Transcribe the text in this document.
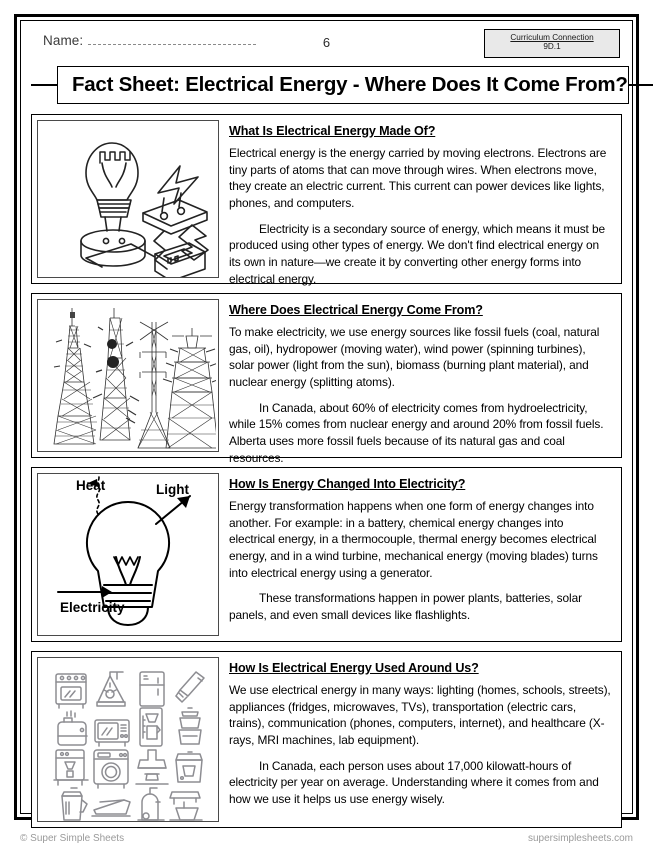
Name:	6	Curriculum Connection
9D.1
Fact Sheet: Electrical Energy - Where Does It Come From?
What Is Electrical Energy Made Of?

Electrical energy is the energy carried by moving electrons. Electrons are tiny parts of atoms that can move through wires. When electrons move, they create an electric current. This current can power devices like lights, phones, and computers.

Electricity is a secondary source of energy, which means it must be produced using other types of energy. We don't find electrical energy on its own in nature—we create it by converting other energy forms into electrical energy.

Where Does Electrical Energy Come From?

To make electricity, we use energy sources like fossil fuels (coal, natural gas, oil), hydropower (moving water), wind power (spinning turbines), solar power (light from the sun), biomass (burning plant material), and nuclear energy (splitting atoms).

In Canada, about 60% of electricity comes from hydroelectricity, while 15% comes from nuclear energy and around 20% from fossil fuels. Alberta uses more fossil fuels because of its natural gas and coal resources.

Heat	Light
Electricity
How Is Energy Changed Into Electricity?

Energy transformation happens when one form of energy changes into another. For example: in a battery, chemical energy changes into electrical energy, in a thermocouple, thermal energy becomes electrical energy, and in a wind turbine, mechanical energy (moving blades) turns into electrical energy using a generator.

These transformations happen in power plants, batteries, solar panels, and even small devices like flashlights.

How Is Electrical Energy Used Around Us?

We use electrical energy in many ways: lighting (homes, schools, streets), appliances (fridges, microwaves, TVs), transportation (electric cars, trains), communication (phones, computers, internet), and healthcare (X-rays, MRI machines, lab equipment).

In Canada, each person uses about 17,000 kilowatt-hours of electricity per year on average. Understanding where it comes from and how we use it helps us use energy wisely.

© Super Simple Sheets	supersimplesheets.com
